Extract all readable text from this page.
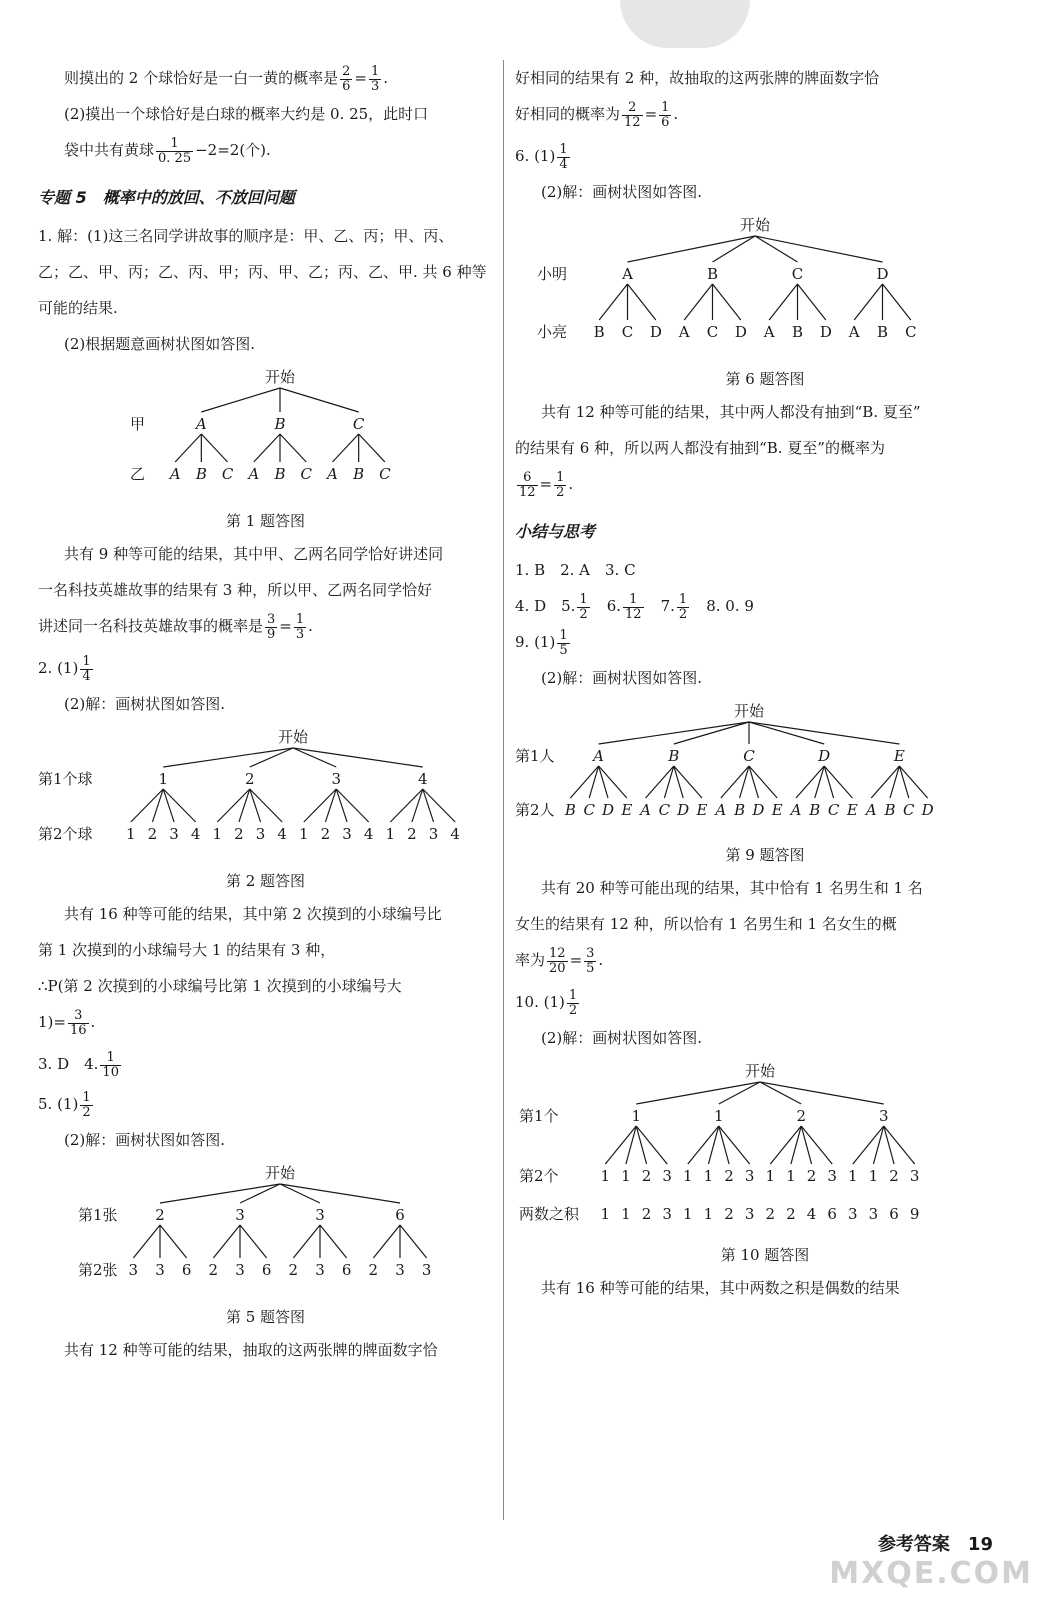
则摸出的 2 个球恰好是一白一黄的概率是 $\frac{2}{6} = \frac{1}{3}$ .

(2)摸出一个球恰好是白球的概率大约是 0. 25，此时口

袋中共有黄球 $\frac{1}{0. 25} -2=2$(个).

专题 5　概率中的放回、不放回问题

1. 解：(1)这三名同学讲故事的顺序是：甲、乙、丙；甲、丙、

乙；乙、甲、丙；乙、丙、甲；丙、甲、乙；丙、乙、甲. 共 6 种等

可能的结果.

(2)根据题意画树状图如答图.

开始
甲
乙
A	B	C
A B C A B C A B C

第 1 题答图

共有 9 种等可能的结果，其中甲、乙两名同学恰好讲述同

一名科技英雄故事的结果有 3 种，所以甲、乙两名同学恰好

讲述同一名科技英雄故事的概率是 $\frac{3}{9} = \frac{1}{3}$ .

2. $(1) \frac{1}{4}$

(2)解：画树状图如答图.

开始
第1个球
第2个球
1	2	3	4
1 2 3 4 1 2 3 4 1 2 3 4 1 2 3 4

第 2 题答图

共有 16 种等可能的结果，其中第 2 次摸到的小球编号比

第 1 次摸到的小球编号大 1 的结果有 3 种，

∴P(第 2 次摸到的小球编号比第 1 次摸到的小球编号大

$1)= \frac{3}{16}$ .

3. D　4. $\frac{1}{10}$

5. $(1) \frac{1}{2}$

(2)解：画树状图如答图.

开始
第1张
第2张
2	3	3	6
3 3 6 2 3 6 2 3 6 2 3 3

第 5 题答图

共有 12 种等可能的结果，抽取的这两张牌的牌面数字恰

好相同的结果有 2 种，故抽取的这两张牌的牌面数字恰

好相同的概率为 $\frac{2}{12} = \frac{1}{6}$ .

6. $(1) \frac{1}{4}$

(2)解：画树状图如答图.

开始
小明
小亮
A	B	C	D
B C D A C D A B D A B C

第 6 题答图

共有 12 种等可能的结果，其中两人都没有抽到“B. 夏至”

的结果有 6 种，所以两人都没有抽到“B. 夏至”的概率为

$\frac{6}{12} = \frac{1}{2}$ .

小结与思考

1. B　2. A　3. C

4. D　5. $\frac{1}{2}$
　 6. $\frac{1}{12}$
　 7. $\frac{1}{2}$
　 8. 0. 9

9. $(1) \frac{1}{5}$

(2)解：画树状图如答图.

开始
第1人
第2人
A	B	C	D	E
B C D E A C D E A B D E A B C E A B C D

第 9 题答图

共有 20 种等可能出现的结果，其中恰有 1 名男生和 1 名

女生的结果有 12 种，所以恰有 1 名男生和 1 名女生的概

率为 $\frac{12}{20} = \frac{3}{5}$ .

10. $(1) \frac{1}{2}$

(2)解：画树状图如答图.

开始
第1个
第2个
两数之积
1	1	2	3
1 1 2 3 1 1 2 3 1 1 2 3 1 1 2 3
1 1 2 3 1 1 2 3 2 2 4 6 3 3 6 9

第 10 题答图

共有 16 种等可能的结果，其中两数之积是偶数的结果

参考答案　19
MXQE.COM
